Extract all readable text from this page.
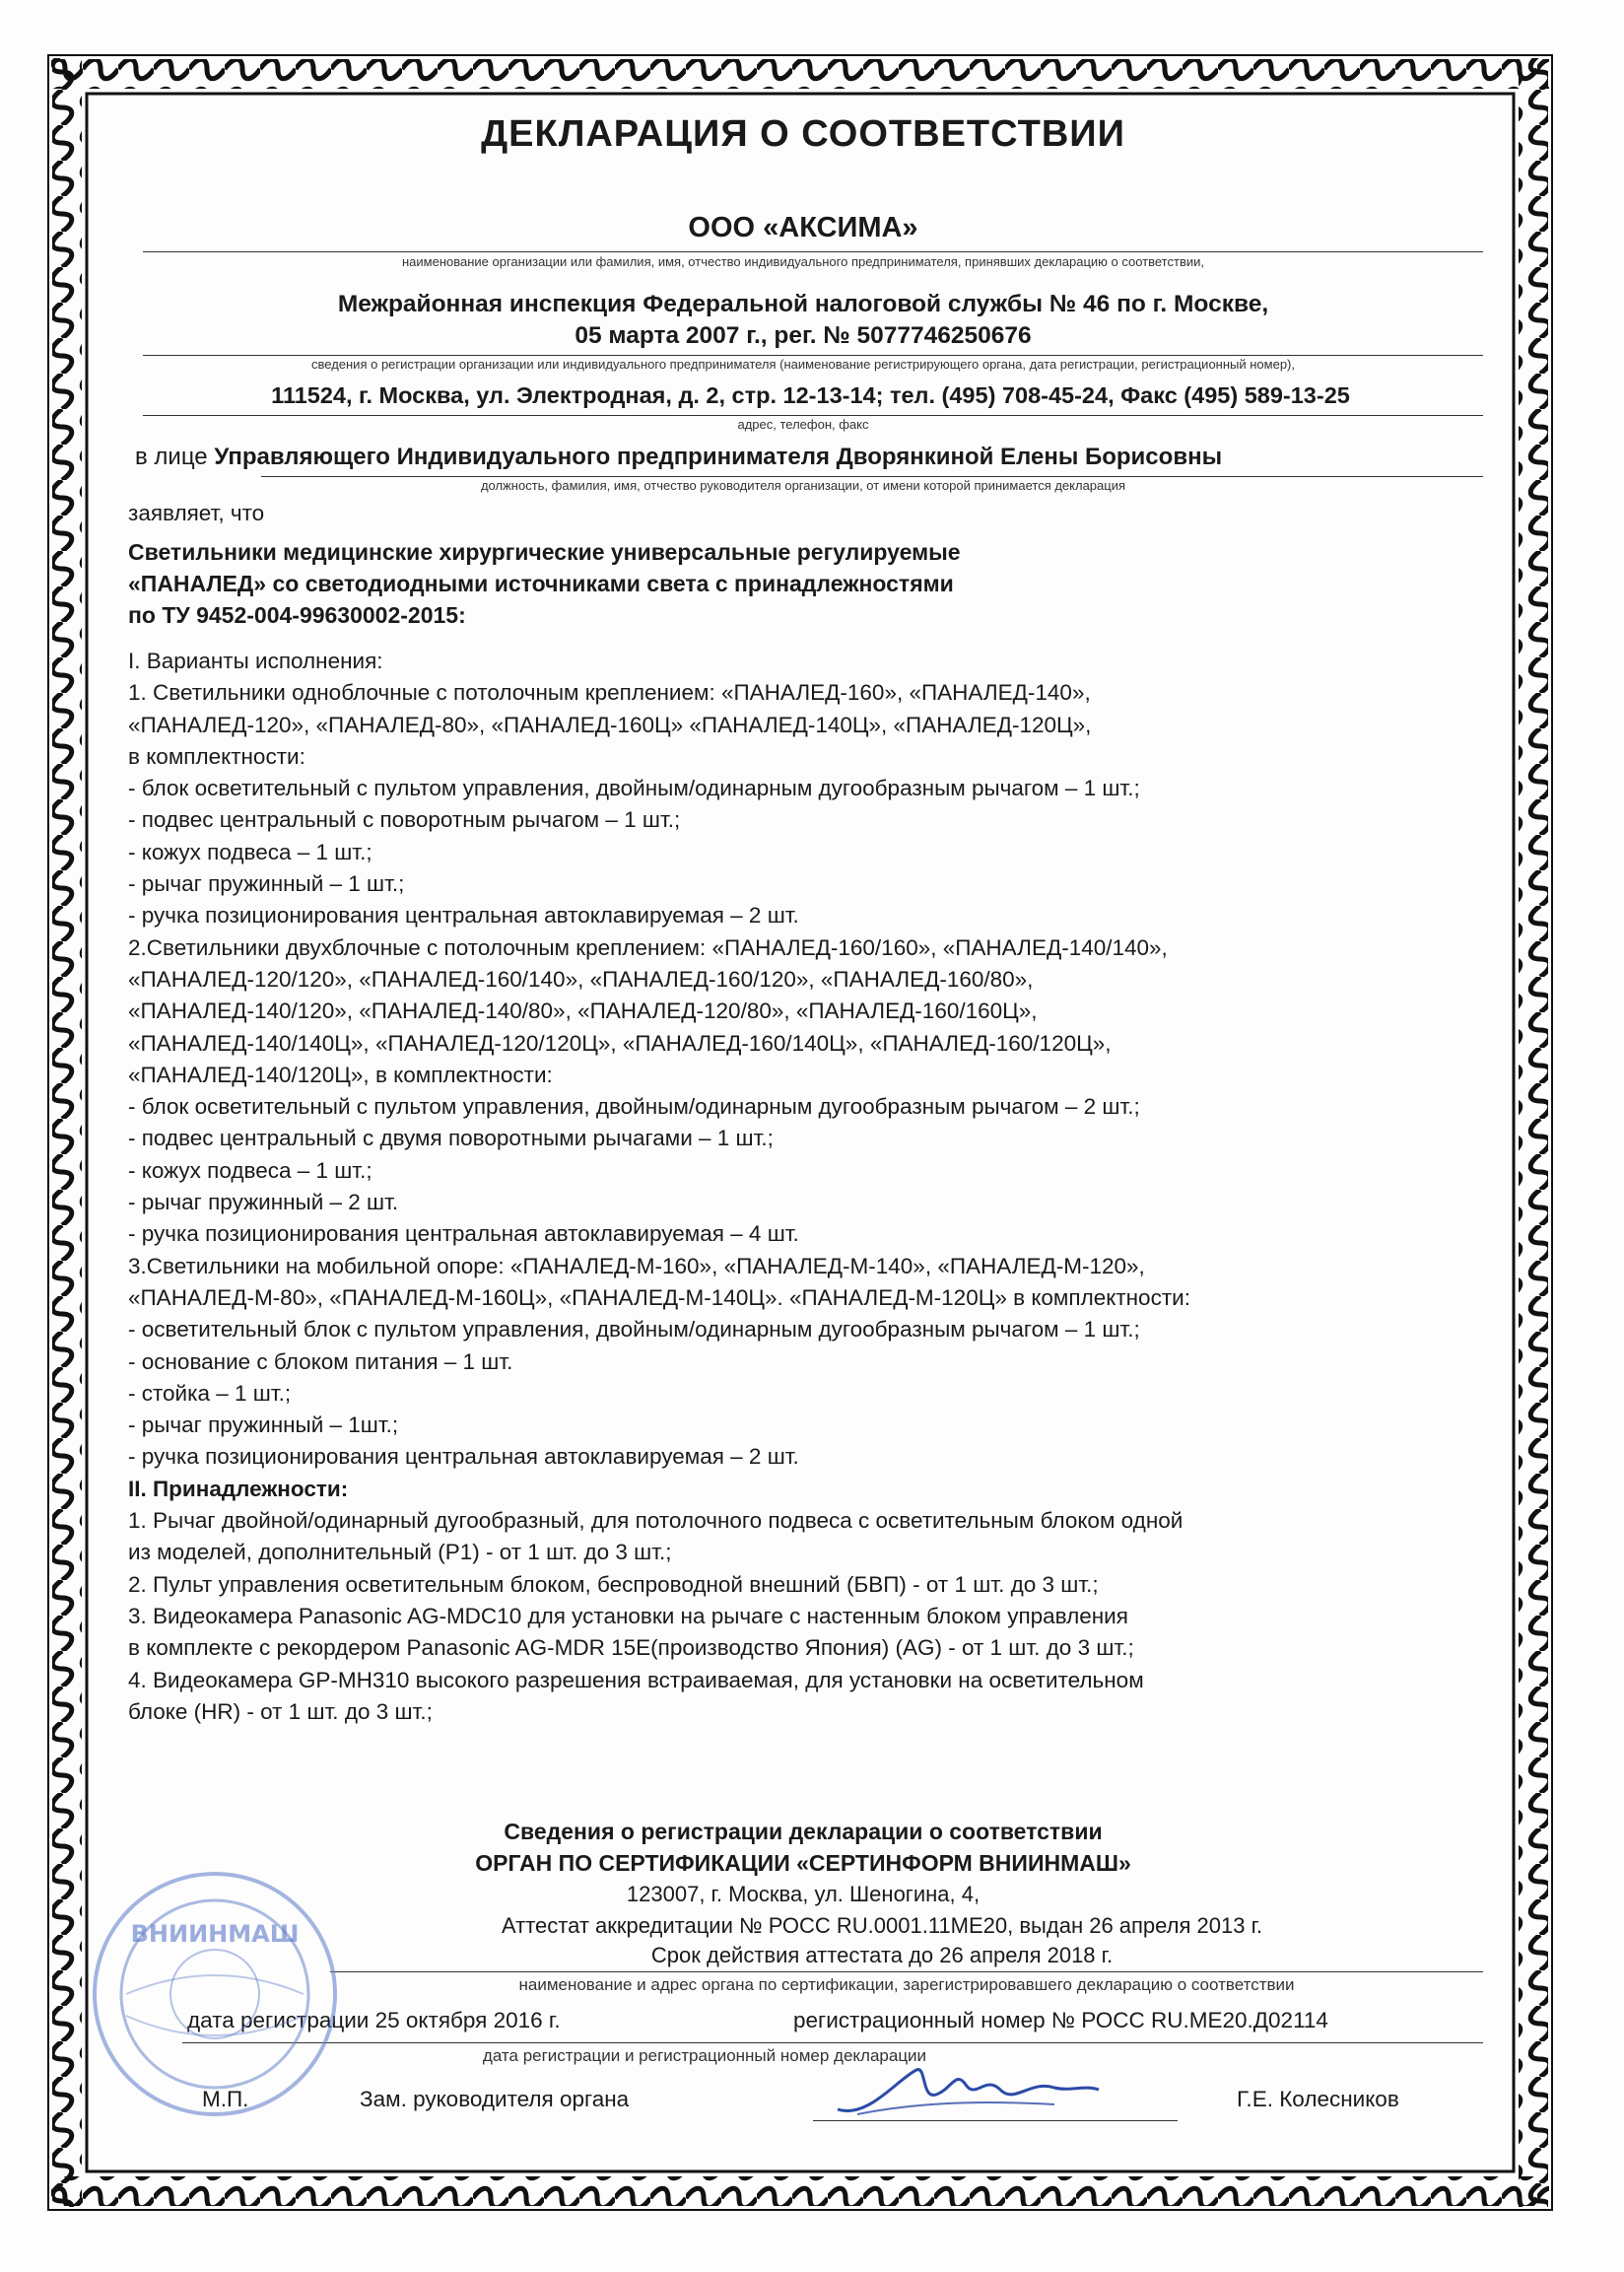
ДЕКЛАРАЦИЯ О СООТВЕТСТВИИ
ООО «АКСИМА»
наименование организации или фамилия, имя, отчество индивидуального предпринимателя, принявших декларацию о соответствии,
Межрайонная инспекция Федеральной налоговой службы № 46 по г. Москве,
05 марта 2007 г., рег. № 5077746250676
сведения о регистрации организации или индивидуального предпринимателя (наименование регистрирующего органа, дата регистрации, регистрационный номер),
111524, г. Москва, ул. Электродная, д. 2, стр. 12-13-14; тел. (495) 708-45-24, Факс (495) 589-13-25
адрес, телефон, факс
в лице Управляющего Индивидуального предпринимателя Дворянкиной Елены Борисовны
должность, фамилия, имя, отчество руководителя организации, от имени которой принимается декларация
заявляет, что
Светильники медицинские хирургические универсальные регулируемые
«ПАНАЛЕД» со светодиодными источниками света с принадлежностями
по ТУ 9452-004-99630002-2015:
I. Варианты исполнения:
1. Светильники одноблочные с потолочным креплением: «ПАНАЛЕД-160», «ПАНАЛЕД-140»,
«ПАНАЛЕД-120», «ПАНАЛЕД-80», «ПАНАЛЕД-160Ц» «ПАНАЛЕД-140Ц», «ПАНАЛЕД-120Ц»,
в комплектности:
- блок осветительный с пультом управления, двойным/одинарным дугообразным рычагом – 1 шт.;
- подвес центральный с поворотным рычагом – 1 шт.;
- кожух подвеса – 1 шт.;
- рычаг пружинный – 1 шт.;
- ручка позиционирования центральная автоклавируемая – 2 шт.
2.Светильники двухблочные с потолочным креплением: «ПАНАЛЕД-160/160», «ПАНАЛЕД-140/140»,
«ПАНАЛЕД-120/120», «ПАНАЛЕД-160/140», «ПАНАЛЕД-160/120», «ПАНАЛЕД-160/80»,
«ПАНАЛЕД-140/120», «ПАНАЛЕД-140/80», «ПАНАЛЕД-120/80», «ПАНАЛЕД-160/160Ц»,
«ПАНАЛЕД-140/140Ц», «ПАНАЛЕД-120/120Ц», «ПАНАЛЕД-160/140Ц», «ПАНАЛЕД-160/120Ц»,
«ПАНАЛЕД-140/120Ц», в комплектности:
- блок осветительный с пультом управления, двойным/одинарным дугообразным рычагом – 2 шт.;
- подвес центральный с двумя поворотными рычагами – 1 шт.;
- кожух подвеса – 1 шт.;
- рычаг пружинный – 2 шт.
- ручка позиционирования центральная автоклавируемая – 4 шт.
3.Светильники на мобильной опоре: «ПАНАЛЕД-М-160», «ПАНАЛЕД-М-140», «ПАНАЛЕД-М-120»,
«ПАНАЛЕД-М-80», «ПАНАЛЕД-М-160Ц», «ПАНАЛЕД-М-140Ц». «ПАНАЛЕД-М-120Ц» в комплектности:
- осветительный блок с пультом управления, двойным/одинарным дугообразным рычагом – 1 шт.;
- основание с блоком питания – 1 шт.
- стойка – 1 шт.;
- рычаг пружинный – 1шт.;
- ручка позиционирования центральная автоклавируемая – 2 шт.
II. Принадлежности:
1. Рычаг двойной/одинарный дугообразный, для потолочного подвеса с осветительным блоком одной
из моделей, дополнительный (Р1) - от 1 шт. до 3 шт.;
2. Пульт управления осветительным блоком, беспроводной внешний (БВП) - от 1 шт. до 3 шт.;
3. Видеокамера Panasonic AG-MDC10 для установки на рычаге с настенным блоком управления
в комплекте с рекордером Panasonic AG-MDR 15E(производство Япония) (AG) - от 1 шт. до 3 шт.;
4. Видеокамера GP-MH310 высокого разрешения встраиваемая, для установки на осветительном
блоке (HR) - от 1 шт. до 3 шт.;
Сведения о регистрации декларации о соответствии
ОРГАН ПО СЕРТИФИКАЦИИ «СЕРТИНФОРМ ВНИИНМАШ»
123007, г. Москва, ул. Шеногина, 4,
Аттестат аккредитации № РОСС RU.0001.11МЕ20, выдан 26 апреля 2013 г.
Срок действия аттестата до 26 апреля 2018 г.
наименование и адрес органа по сертификации, зарегистрировавшего декларацию о соответствии
дата регистрации 25 октября 2016 г.	регистрационный номер № РОСС RU.МЕ20.Д02114
дата регистрации и регистрационный номер декларации
М.П.	Зам. руководителя органа	Г.Е. Колесников
ВНИИНМАШ
